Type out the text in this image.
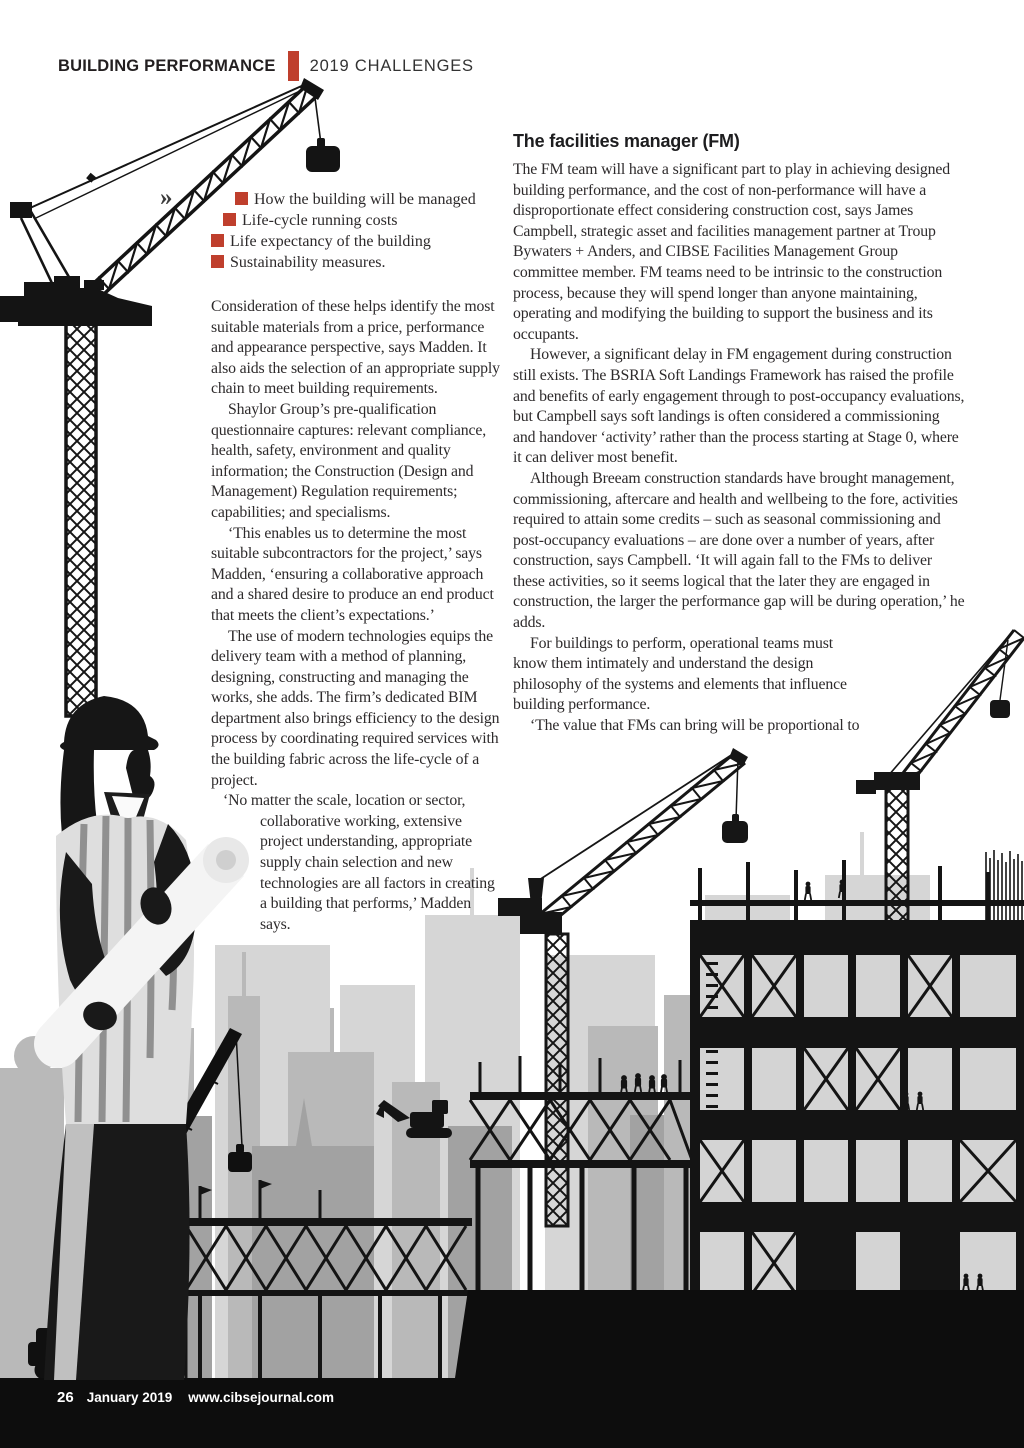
BUILDING PERFORMANCE 2019 CHALLENGES
»	How the building will be managed
Life-cycle running costs
Life expectancy of the building
Sustainability measures.

Consideration of these helps identify the most suitable materials from a price, performance and appearance perspective, says Madden. It also aids the selection of an appropriate supply chain to meet building requirements.

Shaylor Group’s pre-qualification questionnaire captures: relevant compliance, health, safety, environment and quality information; the Construction (Design and Management) Regulation requirements; capabilities; and specialisms.

‘This enables us to determine the most suitable subcontractors for the project,’ says Madden, ‘ensuring a collaborative approach and a shared desire to produce an end product that meets the client’s expectations.’

The use of modern technologies equips the delivery team with a method of planning, designing, constructing and managing the works, she adds. The firm’s dedicated BIM department also brings efficiency to the design process by coordinating required services with the building fabric across the life-cycle of a project.

‘No matter the scale, location or sector, collaborative working, extensive project understanding, appropriate supply chain selection and new technologies are all factors in creating a building that performs,’ Madden says.

The facilities manager (FM)

The FM team will have a significant part to play in achieving designed building performance, and the cost of non-performance will have a disproportionate effect considering construction cost, says James Campbell, strategic asset and facilities management partner at Troup Bywaters + Anders, and CIBSE Facilities Management Group committee member. FM teams need to be intrinsic to the construction process, because they will spend longer than anyone maintaining, operating and modifying the building to support the business and its occupants.

However, a significant delay in FM engagement during construction still exists. The BSRIA Soft Landings Framework has raised the profile and benefits of early engagement through to post-occupancy evaluations, but Campbell says soft landings is often considered a commissioning and handover ‘activity’ rather than the process starting at Stage 0, where it can deliver most benefit.

Although Breeam construction standards have brought management, commissioning, aftercare and health and wellbeing to the fore, activities required to attain some credits – such as seasonal commissioning and post-occupancy evaluations – are done over a number of years, after construction, says Campbell. ‘It will again fall to the FMs to deliver these activities, so it seems logical that the later they are engaged in construction, the larger the performance gap will be during operation,’ he adds.

For buildings to perform, operational teams must know them intimately and understand the design philosophy of the systems and elements that influence building performance.

‘The value that FMs can bring will be proportional to

26 January 2019 www.cibsejournal.com
